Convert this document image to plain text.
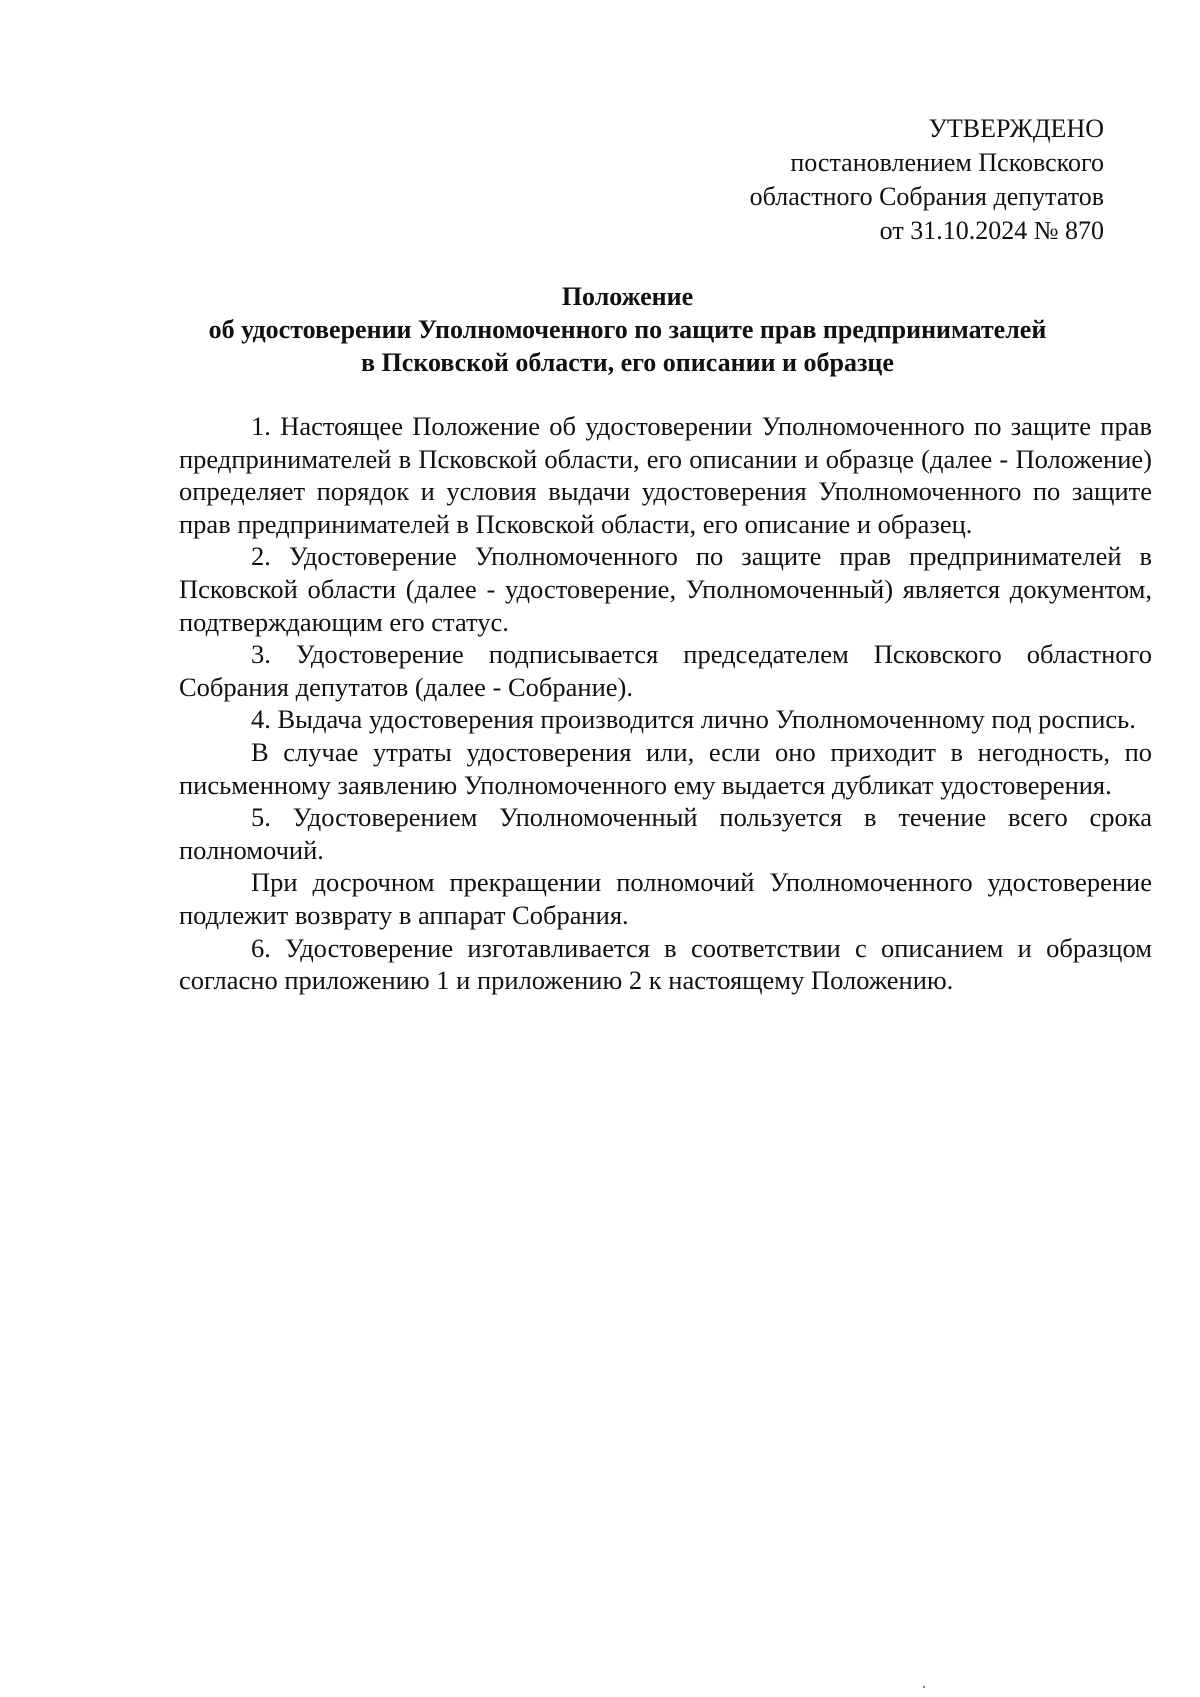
УТВЕРЖДЕНО
постановлением Псковского
областного Собрания депутатов
от 31.10.2024 № 870
Положение
об удостоверении Уполномоченного по защите прав предпринимателей
в Псковской области, его описании и образце

1. Настоящее Положение об удостоверении Уполномоченного по защите прав предпринимателей в Псковской области, его описании и образце (далее - Положение) определяет порядок и условия выдачи удостоверения Уполномоченного по защите прав предпринимателей в Псковской области, его описание и образец.

2. Удостоверение Уполномоченного по защите прав предпринимателей в Псковской области (далее - удостоверение, Уполномоченный) является документом, подтверждающим его статус.

3. Удостоверение подписывается председателем Псковского областного Собрания депутатов (далее - Собрание).

4. Выдача удостоверения производится лично Уполномоченному под роспись.

В случае утраты удостоверения или, если оно приходит в негодность, по письменному заявлению Уполномоченного ему выдается дубликат удостоверения.

5. Удостоверением Уполномоченный пользуется в течение всего срока полномочий.

При досрочном прекращении полномочий Уполномоченного удостоверение подлежит возврату в аппарат Собрания.

6. Удостоверение изготавливается в соответствии с описанием и образцом согласно приложению 1 и приложению 2 к настоящему Положению.
